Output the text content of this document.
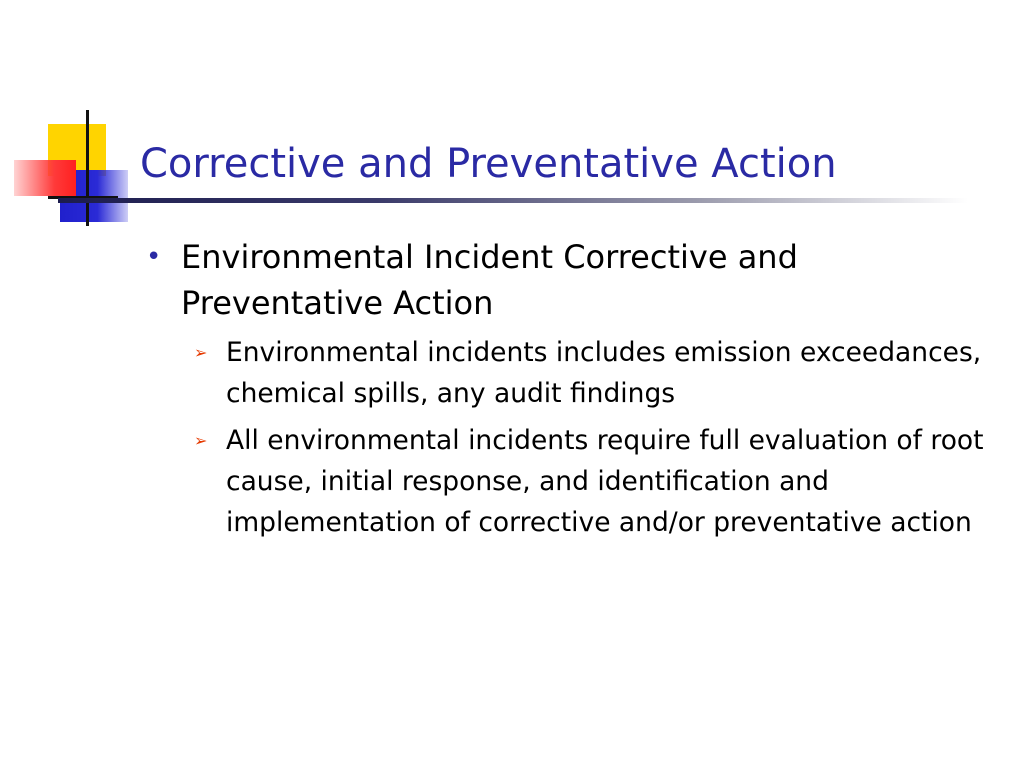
Corrective and Preventative Action
• Environmental Incident Corrective and Preventative Action
➢ Environmental incidents includes emission exceedances, chemical spills, any audit findings
➢ All environmental incidents require full evaluation of root cause, initial response, and identification and implementation of corrective and/or preventative action
